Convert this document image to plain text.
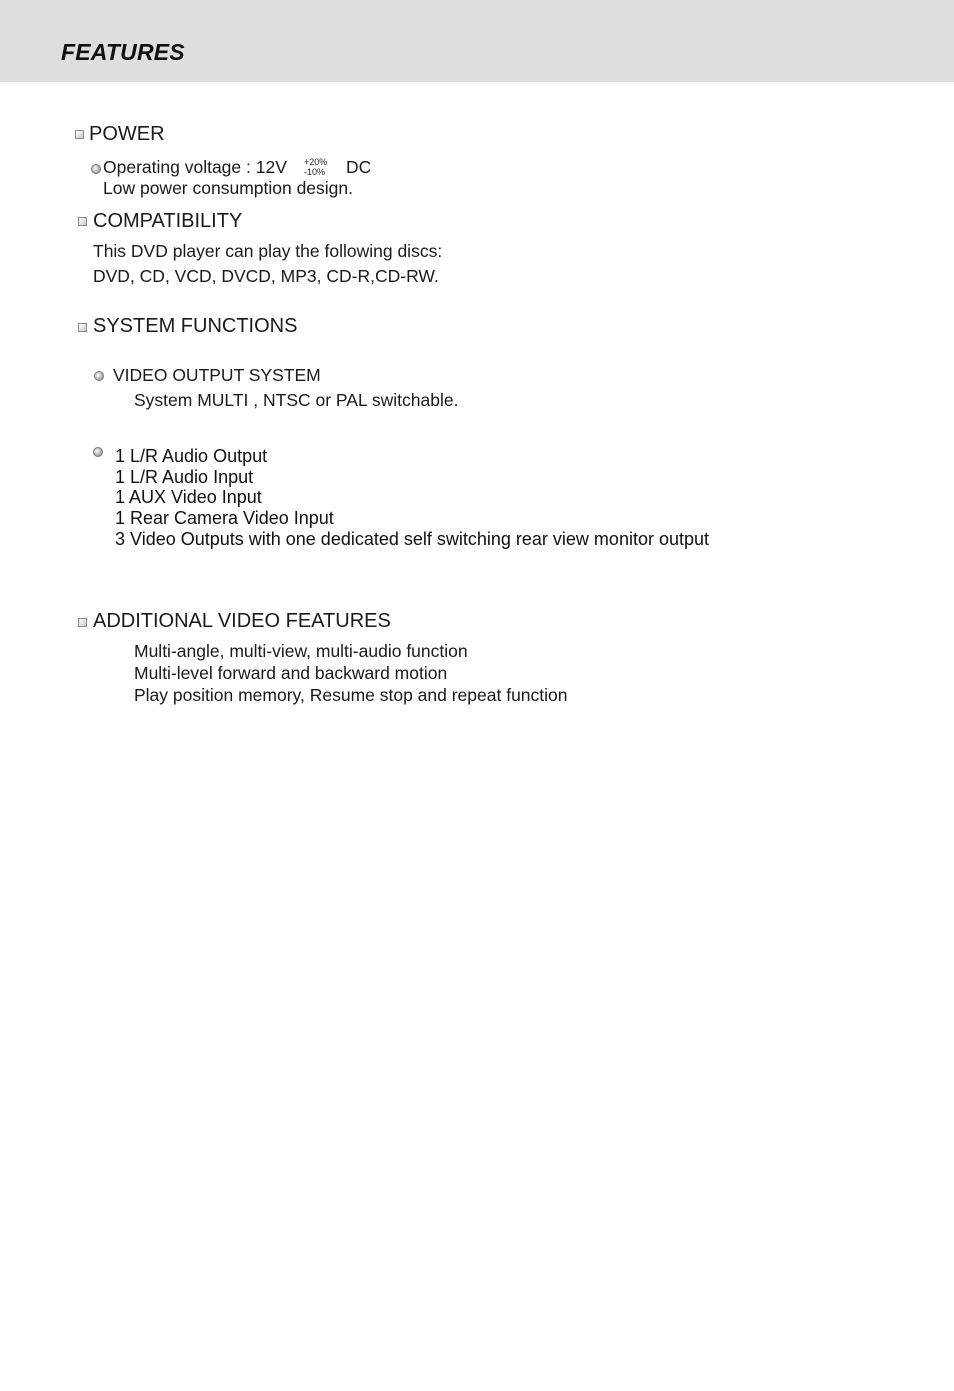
FEATURES
POWER
Operating voltage : 12V +20%
-10% DC
Low power consumption design.
COMPATIBILITY
This DVD player can play the following discs:
DVD, CD, VCD, DVCD, MP3, CD-R,CD-RW.
SYSTEM FUNCTIONS
VIDEO OUTPUT SYSTEM
System MULTI , NTSC or PAL switchable.
1 L/R Audio Output
1 L/R Audio Input
1 AUX Video Input
1 Rear Camera Video Input
3 Video Outputs with one dedicated self switching rear view monitor output
ADDITIONAL VIDEO FEATURES
Multi-angle, multi-view, multi-audio function
Multi-level forward and backward motion
Play position memory, Resume stop and repeat function
